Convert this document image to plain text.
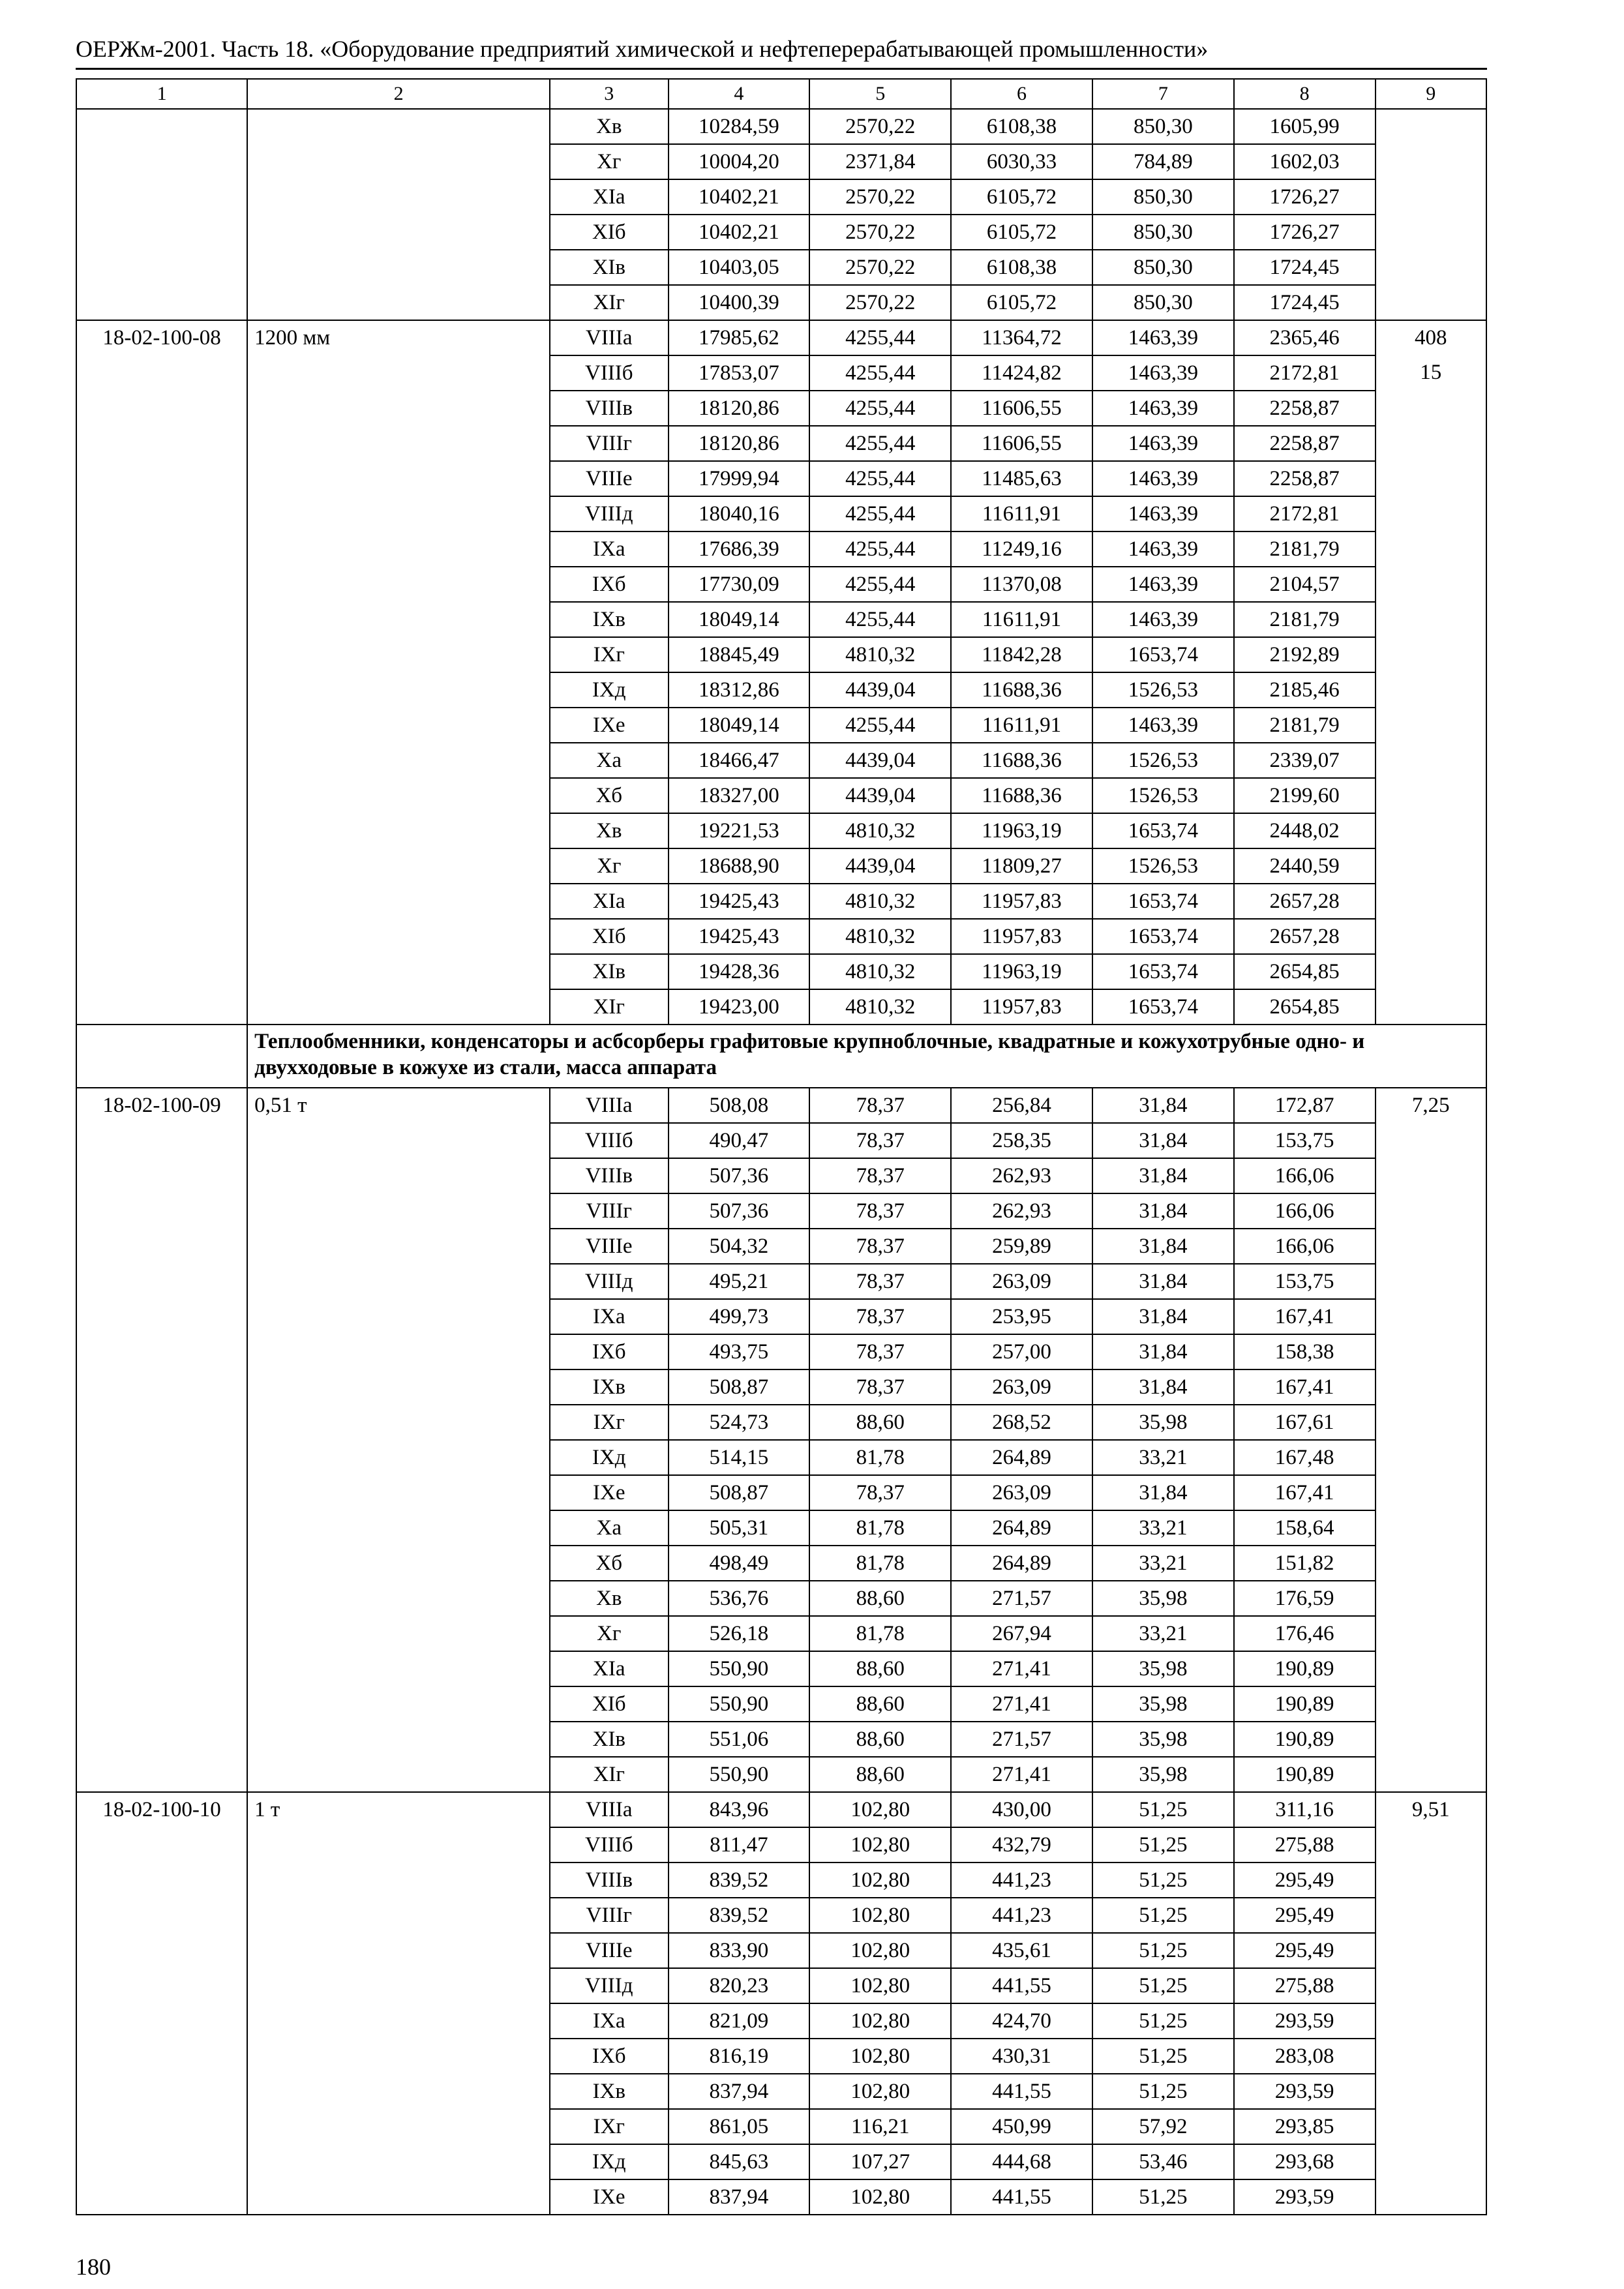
ОЕРЖм-2001. Часть 18. «Оборудование предприятий химической и нефтеперерабатывающей промышленности»
1	2	3	4	5	6	7	8	9
		Хв	10284,59	2570,22	6108,38	850,30	1605,99	
		Хг	10004,20	2371,84	6030,33	784,89	1602,03	
		XIа	10402,21	2570,22	6105,72	850,30	1726,27	
		XIб	10402,21	2570,22	6105,72	850,30	1726,27	
		XIв	10403,05	2570,22	6108,38	850,30	1724,45	
		XIг	10400,39	2570,22	6105,72	850,30	1724,45	
18-02-100-08	1200 мм	VIIIа	17985,62	4255,44	11364,72	1463,39	2365,46	408
		VIIIб	17853,07	4255,44	11424,82	1463,39	2172,81	15
		VIIIв	18120,86	4255,44	11606,55	1463,39	2258,87	
		VIIIг	18120,86	4255,44	11606,55	1463,39	2258,87	
		VIIIе	17999,94	4255,44	11485,63	1463,39	2258,87	
		VIIIд	18040,16	4255,44	11611,91	1463,39	2172,81	
		IXа	17686,39	4255,44	11249,16	1463,39	2181,79	
		IXб	17730,09	4255,44	11370,08	1463,39	2104,57	
		IXв	18049,14	4255,44	11611,91	1463,39	2181,79	
		IXг	18845,49	4810,32	11842,28	1653,74	2192,89	
		IXд	18312,86	4439,04	11688,36	1526,53	2185,46	
		IXе	18049,14	4255,44	11611,91	1463,39	2181,79	
		Ха	18466,47	4439,04	11688,36	1526,53	2339,07	
		Хб	18327,00	4439,04	11688,36	1526,53	2199,60	
		Хв	19221,53	4810,32	11963,19	1653,74	2448,02	
		Хг	18688,90	4439,04	11809,27	1526,53	2440,59	
		XIа	19425,43	4810,32	11957,83	1653,74	2657,28	
		XIб	19425,43	4810,32	11957,83	1653,74	2657,28	
		XIв	19428,36	4810,32	11963,19	1653,74	2654,85	
		XIг	19423,00	4810,32	11957,83	1653,74	2654,85	
	Теплообменники, конденсаторы и асбсорберы графитовые крупноблочные, квадратные и кожухотрубные одно- и двухходовые в кожухе из стали, масса аппарата							
18-02-100-09	0,51 т	VIIIа	508,08	78,37	256,84	31,84	172,87	7,25
		VIIIб	490,47	78,37	258,35	31,84	153,75	
		VIIIв	507,36	78,37	262,93	31,84	166,06	
		VIIIг	507,36	78,37	262,93	31,84	166,06	
		VIIIе	504,32	78,37	259,89	31,84	166,06	
		VIIIд	495,21	78,37	263,09	31,84	153,75	
		IXа	499,73	78,37	253,95	31,84	167,41	
		IXб	493,75	78,37	257,00	31,84	158,38	
		IXв	508,87	78,37	263,09	31,84	167,41	
		IXг	524,73	88,60	268,52	35,98	167,61	
		IXд	514,15	81,78	264,89	33,21	167,48	
		IXе	508,87	78,37	263,09	31,84	167,41	
		Ха	505,31	81,78	264,89	33,21	158,64	
		Хб	498,49	81,78	264,89	33,21	151,82	
		Хв	536,76	88,60	271,57	35,98	176,59	
		Хг	526,18	81,78	267,94	33,21	176,46	
		XIа	550,90	88,60	271,41	35,98	190,89	
		XIб	550,90	88,60	271,41	35,98	190,89	
		XIв	551,06	88,60	271,57	35,98	190,89	
		XIг	550,90	88,60	271,41	35,98	190,89	
18-02-100-10	1 т	VIIIа	843,96	102,80	430,00	51,25	311,16	9,51
		VIIIб	811,47	102,80	432,79	51,25	275,88	
		VIIIв	839,52	102,80	441,23	51,25	295,49	
		VIIIг	839,52	102,80	441,23	51,25	295,49	
		VIIIе	833,90	102,80	435,61	51,25	295,49	
		VIIIд	820,23	102,80	441,55	51,25	275,88	
		IXа	821,09	102,80	424,70	51,25	293,59	
		IXб	816,19	102,80	430,31	51,25	283,08	
		IXв	837,94	102,80	441,55	51,25	293,59	
		IXг	861,05	116,21	450,99	57,92	293,85	
		IXд	845,63	107,27	444,68	53,46	293,68	
		IXе	837,94	102,80	441,55	51,25	293,59	
180
